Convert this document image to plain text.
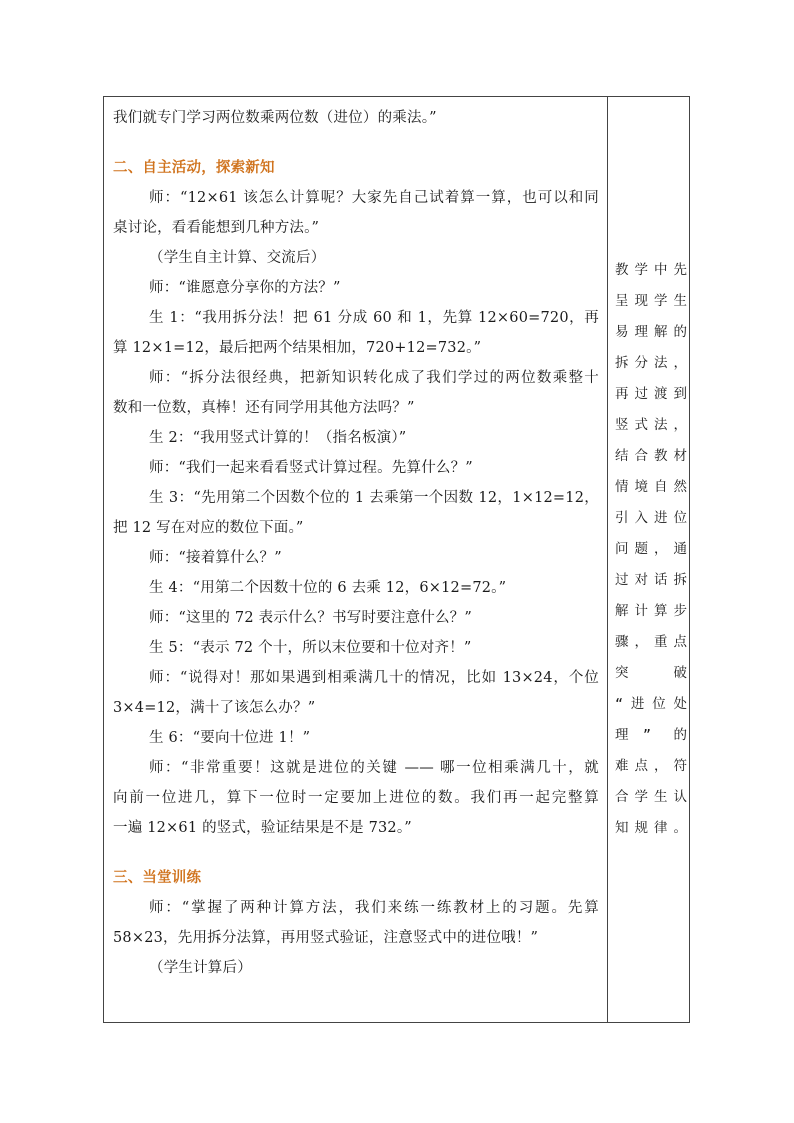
我们就专门学习两位数乘两位数（进位）的乘法。”
二、自主活动，探索新知
师：“12×61 该怎么计算呢？大家先自己试着算一算，也可以和同
桌讨论，看看能想到几种方法。”
（学生自主计算、交流后）
师：“谁愿意分享你的方法？”
生 1：“我用拆分法！把 61 分成 60 和 1，先算 12×60=720，再
算 12×1=12，最后把两个结果相加，720+12=732。”
师：“拆分法很经典，把新知识转化成了我们学过的两位数乘整十
数和一位数，真棒！还有同学用其他方法吗？”
生 2：“我用竖式计算的！（指名板演）”
师：“我们一起来看看竖式计算过程。先算什么？”
生 3：“先用第二个因数个位的 1 去乘第一个因数 12，1×12=12，
把 12 写在对应的数位下面。”
师：“接着算什么？”
生 4：“用第二个因数十位的 6 去乘 12，6×12=72。”
师：“这里的 72 表示什么？书写时要注意什么？”
生 5：“表示 72 个十，所以末位要和十位对齐！”
师：“说得对！那如果遇到相乘满几十的情况，比如 13×24，个位
3×4=12，满十了该怎么办？”
生 6：“要向十位进 1！”
师：“非常重要！这就是进位的关键 —— 哪一位相乘满几十，就
向前一位进几，算下一位时一定要加上进位的数。我们再一起完整算
一遍 12×61 的竖式，验证结果是不是 732。”
三、当堂训练
师：“掌握了两种计算方法，我们来练一练教材上的习题。先算
58×23，先用拆分法算，再用竖式验证，注意竖式中的进位哦！”
（学生计算后）
教学中先
呈现学生
易理解的
拆分法，
再过渡到
竖式法，
结合教材
情境自然
引入进位
问题，通
过对话拆
解计算步
骤，重点
突 破
“进位处
理” 的
难点，符
合学生认
知规律。
